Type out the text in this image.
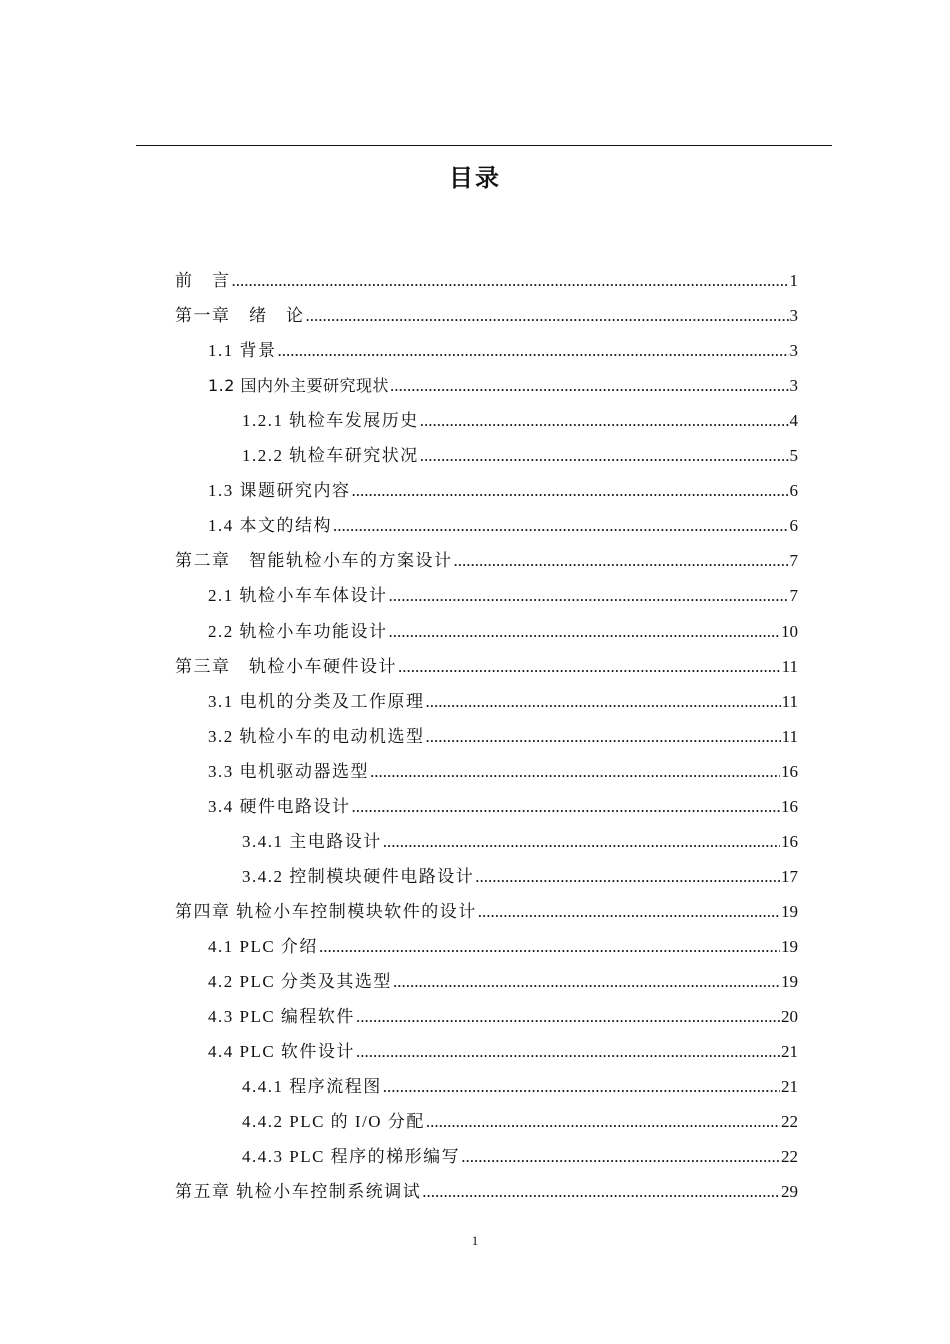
目录
前　言 .....	1
第一章　绪　论 .....	3
1.1 背景 .....	3
1.2 国内外主要研究现状 .....	3
1.2.1 轨检车发展历史 .....	4
1.2.2 轨检车研究状况 .....	5
1.3 课题研究内容 .....	6
1.4 本文的结构 .....	6
第二章　智能轨检小车的方案设计 .....	7
2.1 轨检小车车体设计 .....	7
2.2 轨检小车功能设计 .....	10
第三章　轨检小车硬件设计 .....	11
3.1 电机的分类及工作原理 .....	11
3.2 轨检小车的电动机选型 .....	11
3.3 电机驱动器选型 .....	16
3.4 硬件电路设计 .....	16
3.4.1 主电路设计 .....	16
3.4.2 控制模块硬件电路设计 .....	17
第四章 轨检小车控制模块软件的设计 .....	19
4.1 PLC 介绍 .....	19
4.2 PLC 分类及其选型 .....	19
4.3 PLC 编程软件 .....	20
4.4 PLC 软件设计 .....	21
4.4.1 程序流程图 .....	21
4.4.2 PLC 的 I/O 分配 .....	22
4.4.3 PLC 程序的梯形编写 .....	22
第五章 轨检小车控制系统调试 .....	29
1
